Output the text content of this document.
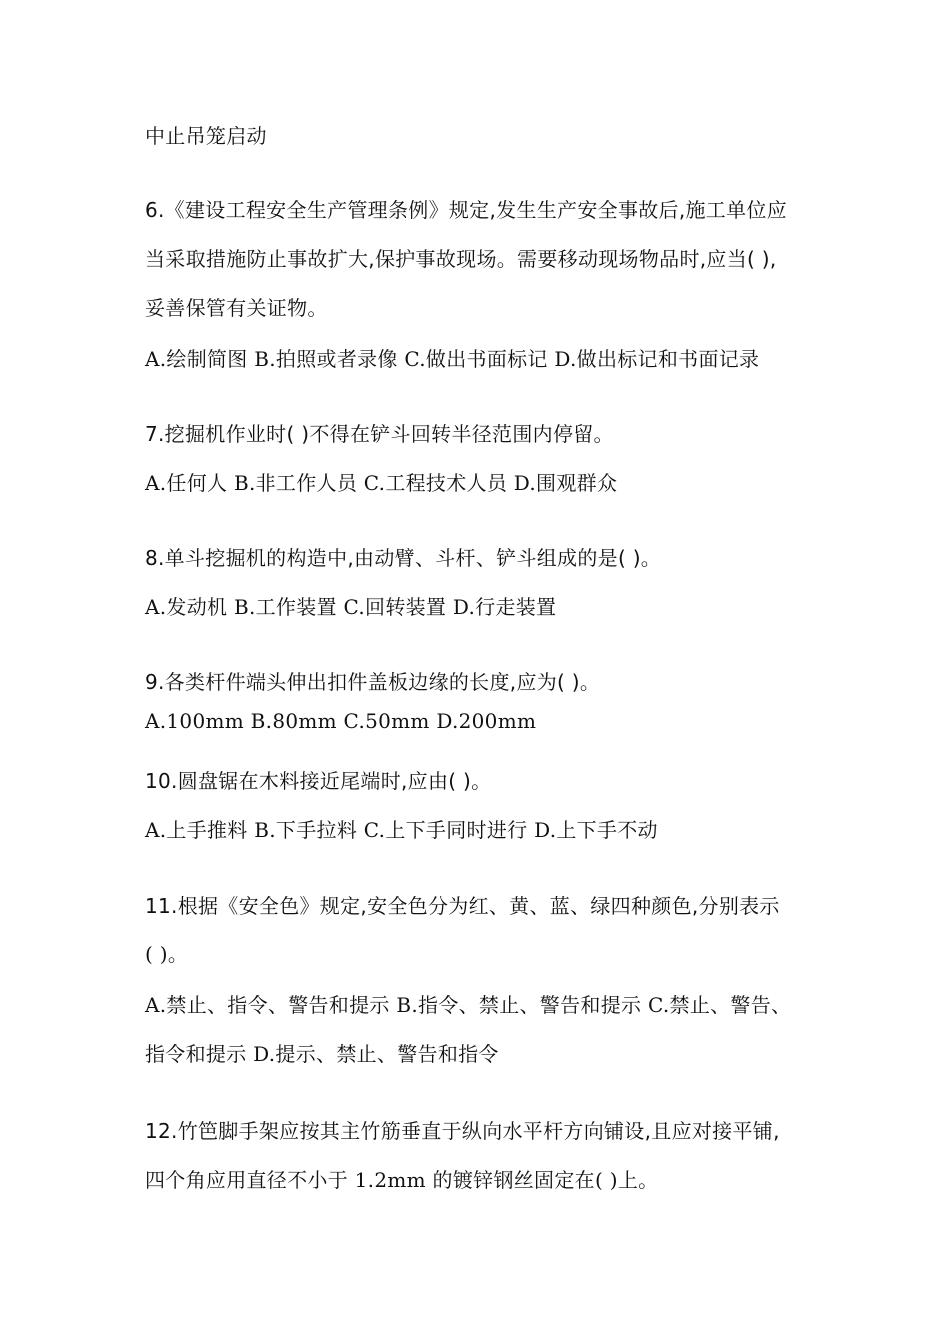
中止吊笼启动
6.《建设工程安全生产管理条例》规定,发生生产安全事故后,施工单位应
当采取措施防止事故扩大,保护事故现场。需要移动现场物品时,应当( ),
妥善保管有关证物。
A.绘制简图 B.拍照或者录像 C.做出书面标记 D.做出标记和书面记录
7.挖掘机作业时( )不得在铲斗回转半径范围内停留。
A.任何人 B.非工作人员 C.工程技术人员 D.围观群众
8.单斗挖掘机的构造中,由动臂、斗杆、铲斗组成的是( )。
A.发动机 B.工作装置 C.回转装置 D.行走装置
9.各类杆件端头伸出扣件盖板边缘的长度,应为( )。
A.100mm B.80mm C.50mm D.200mm
10.圆盘锯在木料接近尾端时,应由( )。
A.上手推料 B.下手拉料 C.上下手同时进行 D.上下手不动
11.根据《安全色》规定,安全色分为红、黄、蓝、绿四种颜色,分别表示
( )。
A.禁止、指令、警告和提示 B.指令、禁止、警告和提示 C.禁止、警告、
指令和提示 D.提示、禁止、警告和指令
12.竹笆脚手架应按其主竹筋垂直于纵向水平杆方向铺设,且应对接平铺,
四个角应用直径不小于 1.2mm 的镀锌钢丝固定在( )上。
